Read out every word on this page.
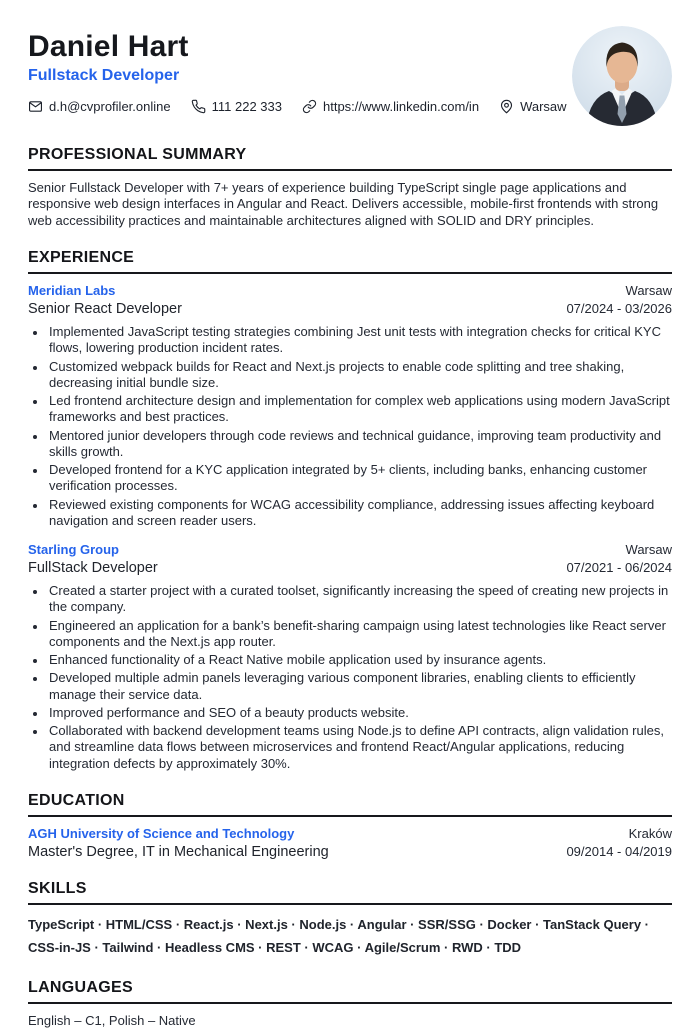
Daniel Hart
Fullstack Developer
d.h@cvprofiler.online	111 222 333	https://www.linkedin.com/in	Warsaw
PROFESSIONAL SUMMARY

Senior Fullstack Developer with 7+ years of experience building TypeScript single page applications and responsive web design interfaces in Angular and React. Delivers accessible, mobile-first frontends with strong web accessibility practices and maintainable architectures aligned with SOLID and DRY principles.

EXPERIENCE
Meridian Labs	Warsaw
Senior React Developer	07/2024 - 03/2026
• Implemented JavaScript testing strategies combining Jest unit tests with integration checks for critical KYC flows, lowering production incident rates.
• Customized webpack builds for React and Next.js projects to enable code splitting and tree shaking, decreasing initial bundle size.
• Led frontend architecture design and implementation for complex web applications using modern JavaScript frameworks and best practices.
• Mentored junior developers through code reviews and technical guidance, improving team productivity and skills growth.
• Developed frontend for a KYC application integrated by 5+ clients, including banks, enhancing customer verification processes.
• Reviewed existing components for WCAG accessibility compliance, addressing issues affecting keyboard navigation and screen reader users.
Starling Group	Warsaw
FullStack Developer	07/2021 - 06/2024
• Created a starter project with a curated toolset, significantly increasing the speed of creating new projects in the company.
• Engineered an application for a bank’s benefit-sharing campaign using latest technologies like React server components and the Next.js app router.
• Enhanced functionality of a React Native mobile application used by insurance agents.
• Developed multiple admin panels leveraging various component libraries, enabling clients to efficiently manage their service data.
• Improved performance and SEO of a beauty products website.
• Collaborated with backend development teams using Node.js to define API contracts, align validation rules, and streamline data flows between microservices and frontend React/Angular applications, reducing integration defects by approximately 30%.
EDUCATION
AGH University of Science and Technology	Kraków
Master's Degree, IT in Mechanical Engineering	09/2014 - 04/2019
SKILLS

TypeScript · HTML/CSS · React.js · Next.js · Node.js · Angular · SSR/SSG · Docker · TanStack Query · CSS-in-JS · Tailwind · Headless CMS · REST · WCAG · Agile/Scrum · RWD · TDD

LANGUAGES

English – C1, Polish – Native
